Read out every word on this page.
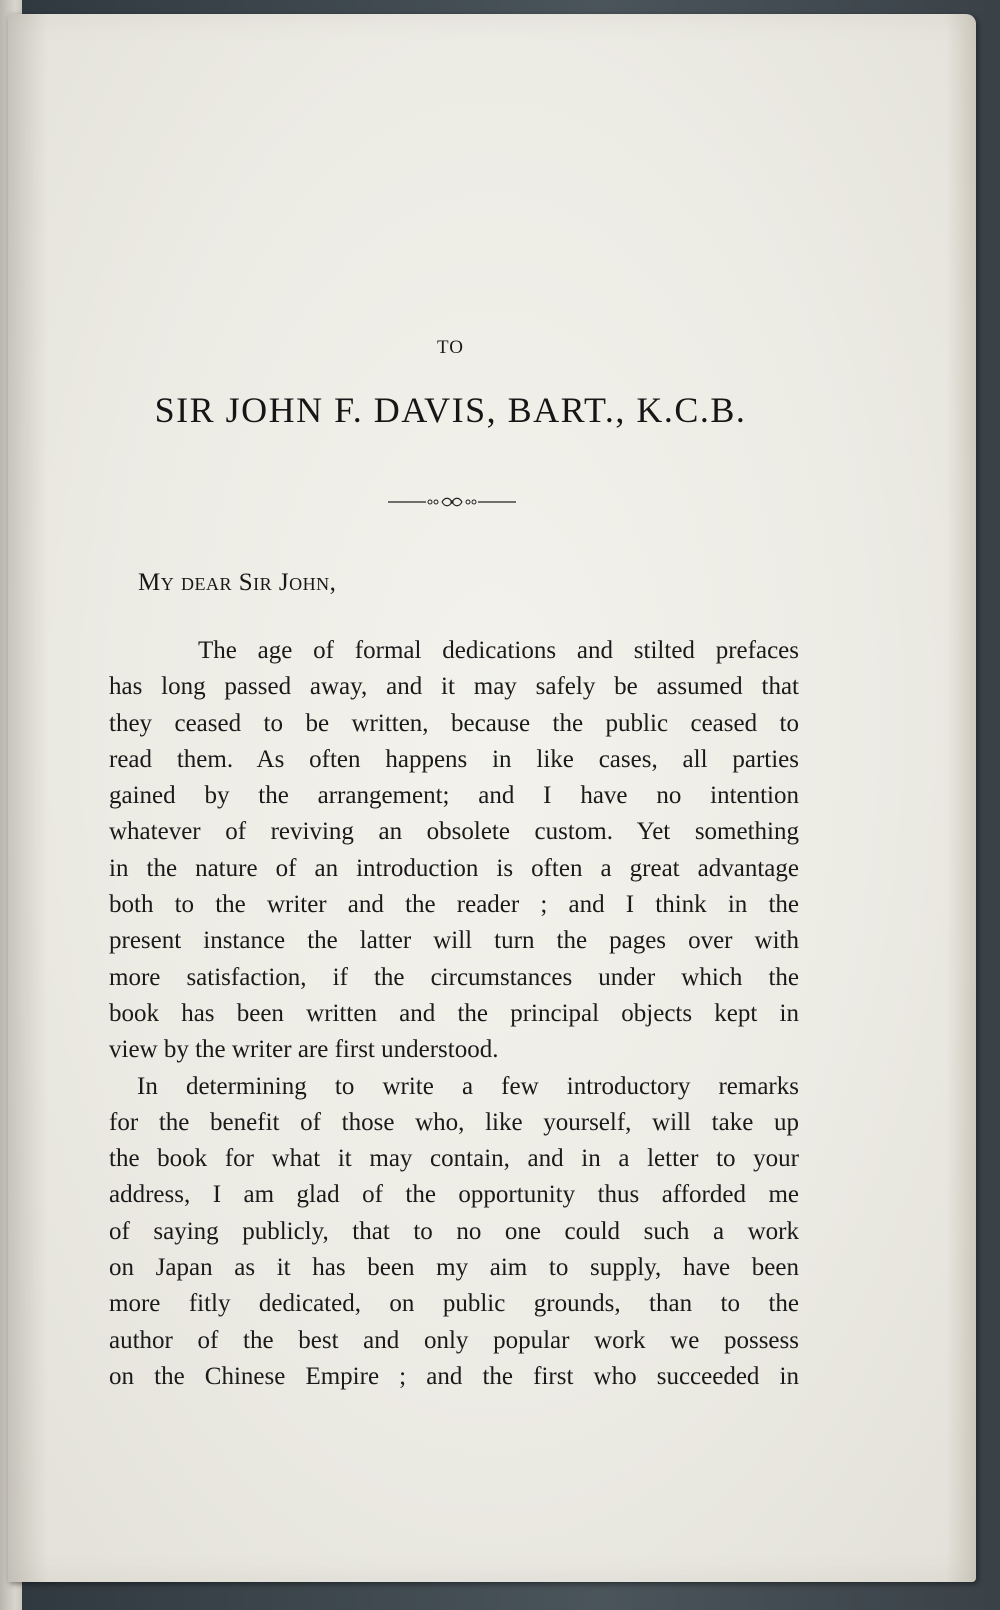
TO
SIR JOHN F. DAVIS, BART., K.C.B.
My dear Sir John,
The age of formal dedications and stilted prefaces
has long passed away, and it may safely be assumed that
they ceased to be written, because the public ceased to
read them. As often happens in like cases, all parties
gained by the arrangement; and I have no intention
whatever of reviving an obsolete custom. Yet something
in the nature of an introduction is often a great advantage
both to the writer and the reader ; and I think in the
present instance the latter will turn the pages over with
more satisfaction, if the circumstances under which the
book has been written and the principal objects kept in
view by the writer are first understood.
In determining to write a few introductory remarks
for the benefit of those who, like yourself, will take up
the book for what it may contain, and in a letter to your
address, I am glad of the opportunity thus afforded me
of saying publicly, that to no one could such a work
on Japan as it has been my aim to supply, have been
more fitly dedicated, on public grounds, than to the
author of the best and only popular work we possess
on the Chinese Empire ; and the first who succeeded in
